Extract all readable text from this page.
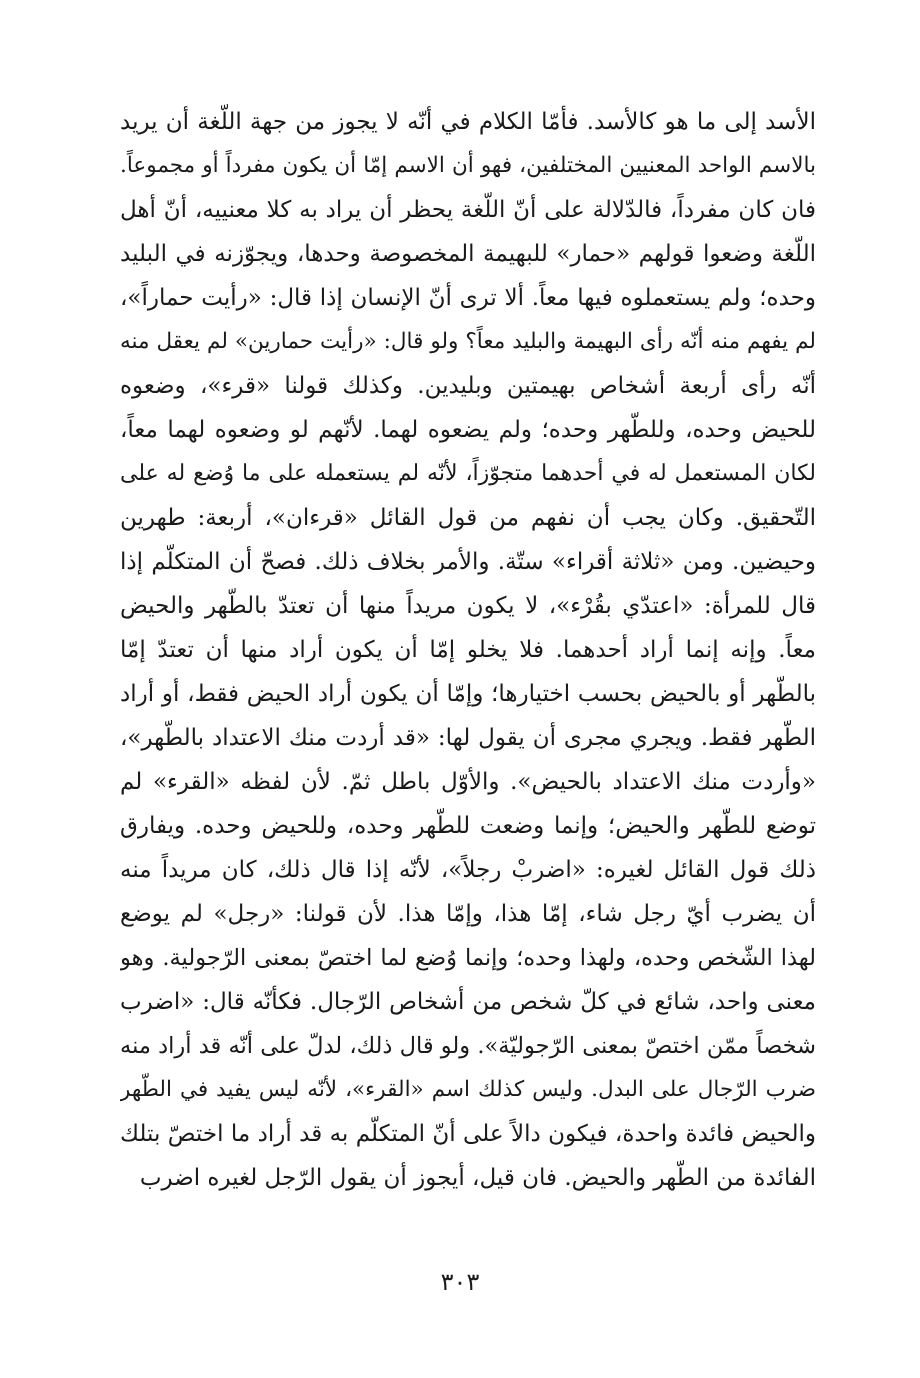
الأسد إلى ما هو كالأسد. فأمّا الكلام في أنّه لا يجوز من جهة اللّغة أن يريد
بالاسم الواحد المعنيين المختلفين، فهو أن الاسم إمّا أن يكون مفرداً أو مجموعاً.
فان كان مفرداً، فالدّلالة على أنّ اللّغة يحظر أن يراد به كلا معنييه، أنّ أهل
اللّغة وضعوا قولهم «حمار» للبهيمة المخصوصة وحدها، ويجوّزنه في البليد
وحده؛ ولم يستعملوه فيها معاً. ألا ترى أنّ الإنسان إذا قال: «رأيت حماراً»،
لم يفهم منه أنّه رأى البهيمة والبليد معاً؟ ولو قال: «رأيت حمارين» لم يعقل منه
أنّه رأى أربعة أشخاص بهيمتين وبليدين. وكذلك قولنا «قرء»، وضعوه
للحيض وحده، وللطّهر وحده؛ ولم يضعوه لهما. لأنّهم لو وضعوه لهما معاً،
لكان المستعمل له في أحدهما متجوّزاً، لأنّه لم يستعمله على ما وُضع له على
التّحقيق. وكان يجب أن نفهم من قول القائل «قرءان»، أربعة: طهرين
وحيضين. ومن «ثلاثة أقراء» ستّة. والأمر بخلاف ذلك. فصحّ أن المتكلّم إذا
قال للمرأة: «اعتدّي بقُرْء»، لا يكون مريداً منها أن تعتدّ بالطّهر والحيض
معاً. وإنه إنما أراد أحدهما. فلا يخلو إمّا أن يكون أراد منها أن تعتدّ إمّا
بالطّهر أو بالحيض بحسب اختيارها؛ وإمّا أن يكون أراد الحيض فقط، أو أراد
الطّهر فقط. ويجري مجرى أن يقول لها: «قد أردت منك الاعتداد بالطّهر»،
«وأردت منك الاعتداد بالحيض». والأوّل باطل ثمّ. لأن لفظه «القرء» لم
توضع للطّهر والحيض؛ وإنما وضعت للطّهر وحده، وللحيض وحده. ويفارق
ذلك قول القائل لغيره: «اضربْ رجلاً»، لأنّه إذا قال ذلك، كان مريداً منه
أن يضرب أيّ رجل شاء، إمّا هذا، وإمّا هذا. لأن قولنا: «رجل» لم يوضع
لهذا الشّخص وحده، ولهذا وحده؛ وإنما وُضع لما اختصّ بمعنى الرّجولية. وهو
معنى واحد، شائع في كلّ شخص من أشخاص الرّجال. فكأنّه قال: «اضرب
شخصاً ممّن اختصّ بمعنى الرّجوليّة». ولو قال ذلك، لدلّ على أنّه قد أراد منه
ضرب الرّجال على البدل. وليس كذلك اسم «القرء»، لأنّه ليس يفيد في الطّهر
والحيض فائدة واحدة، فيكون دالاً على أنّ المتكلّم به قد أراد ما اختصّ بتلك
الفائدة من الطّهر والحيض. فان قيل، أيجوز أن يقول الرّجل لغيره اضرب
٣٠٣
